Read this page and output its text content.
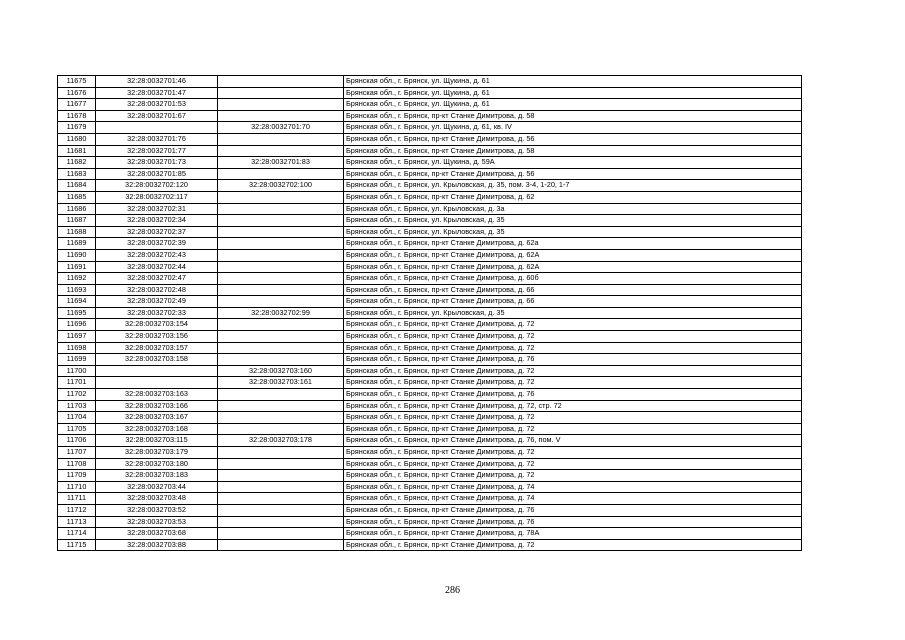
11675	32:28:0032701:46		Брянская обл., г. Брянск, ул. Щукина, д. 61
11676	32:28:0032701:47		Брянская обл., г. Брянск, ул. Щукина, д. 61
11677	32:28:0032701:53		Брянская обл., г. Брянск, ул. Щукина, д. 61
11678	32:28:0032701:67		Брянская обл., г. Брянск, пр-кт Станке Димитрова, д. 58
11679		32:28:0032701:70	Брянская обл., г. Брянск, ул. Щукина, д. 61, кв. IV
11680	32:28:0032701:76		Брянская обл., г. Брянск, пр-кт Станке Димитрова, д. 56
11681	32:28:0032701:77		Брянская обл., г. Брянск, пр-кт Станке Димитрова, д. 58
11682	32:28:0032701:73	32:28:0032701:83	Брянская обл., г. Брянск, ул. Щукина, д. 59А
11683	32:28:0032701:85		Брянская обл., г. Брянск, пр-кт Станке Димитрова, д. 56
11684	32:28:0032702:120	32:28:0032702:100	Брянская обл., г. Брянск, ул. Крыловская, д. 35, пом. 3-4, 1-20, 1-7
11685	32:28:0032702:117		Брянская обл., г. Брянск, пр-кт Станке Димитрова, д. 62
11686	32:28:0032702:31		Брянская обл., г. Брянск, ул. Крыловская, д. 3а
11687	32:28:0032702:34		Брянская обл., г. Брянск, ул. Крыловская, д. 35
11688	32:28:0032702:37		Брянская обл., г. Брянск, ул. Крыловская, д. 35
11689	32:28:0032702:39		Брянская обл., г. Брянск, пр-кт Станке Димитрова, д. 62а
11690	32:28:0032702:43		Брянская обл., г. Брянск, пр-кт Станке Димитрова, д. 62А
11691	32:28:0032702:44		Брянская обл., г. Брянск, пр-кт Станке Димитрова, д. 62А
11692	32:28:0032702:47		Брянская обл., г. Брянск, пр-кт Станке Димитрова, д. 60б
11693	32:28:0032702:48		Брянская обл., г. Брянск, пр-кт Станке Димитрова, д. 66
11694	32:28:0032702:49		Брянская обл., г. Брянск, пр-кт Станке Димитрова, д. 66
11695	32:28:0032702:33	32:28:0032702:99	Брянская обл., г. Брянск, ул. Крыловская, д. 35
11696	32:28:0032703:154		Брянская обл., г. Брянск, пр-кт Станке Димитрова, д. 72
11697	32:28:0032703:156		Брянская обл., г. Брянск, пр-кт Станке Димитрова, д. 72
11698	32:28:0032703:157		Брянская обл., г. Брянск, пр-кт Станке Димитрова, д. 72
11699	32:28:0032703:158		Брянская обл., г. Брянск, пр-кт Станке Димитрова, д. 76
11700		32:28:0032703:160	Брянская обл., г. Брянск, пр-кт Станке Димитрова, д. 72
11701		32:28:0032703:161	Брянская обл., г. Брянск, пр-кт Станке Димитрова, д. 72
11702	32:28:0032703:163		Брянская обл., г. Брянск, пр-кт Станке Димитрова, д. 76
11703	32:28:0032703:166		Брянская обл., г. Брянск, пр-кт Станке Димитрова, д. 72, стр. 72
11704	32:28:0032703:167		Брянская обл., г. Брянск, пр-кт Станке Димитрова, д. 72
11705	32:28:0032703:168		Брянская обл., г. Брянск, пр-кт Станке Димитрова, д. 72
11706	32:28:0032703:115	32:28:0032703:178	Брянская обл., г. Брянск, пр-кт Станке Димитрова, д. 76, пом. V
11707	32:28:0032703:179		Брянская обл., г. Брянск, пр-кт Станке Димитрова, д. 72
11708	32:28:0032703:180		Брянская обл., г. Брянск, пр-кт Станке Димитрова, д. 72
11709	32:28:0032703:183		Брянская обл., г. Брянск, пр-кт Станке Димитрова, д. 72
11710	32:28:0032703:44		Брянская обл., г. Брянск, пр-кт Станке Димитрова, д. 74
11711	32:28:0032703:48		Брянская обл., г. Брянск, пр-кт Станке Димитрова, д. 74
11712	32:28:0032703:52		Брянская обл., г. Брянск, пр-кт Станке Димитрова, д. 76
11713	32:28:0032703:53		Брянская обл., г. Брянск, пр-кт Станке Димитрова, д. 76
11714	32:28:0032703:68		Брянская обл., г. Брянск, пр-кт Станке Димитрова, д. 78А
11715	32:28:0032703:88		Брянская обл., г. Брянск, пр-кт Станке Димитрова, д. 72
286
